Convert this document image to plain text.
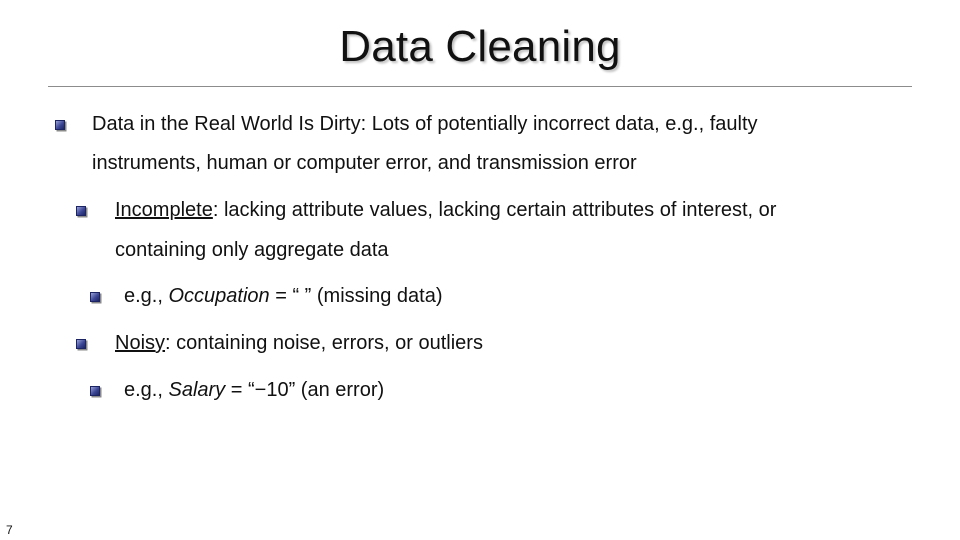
Data Cleaning
Data in the Real World Is Dirty: Lots of potentially incorrect data, e.g., faulty
instruments, human or computer error, and transmission error
Incomplete: lacking attribute values, lacking certain attributes of interest, or
containing only aggregate data
e.g., Occupation = “ ” (missing data)
Noisy: containing noise, errors, or outliers
e.g., Salary = “−10” (an error)
7
